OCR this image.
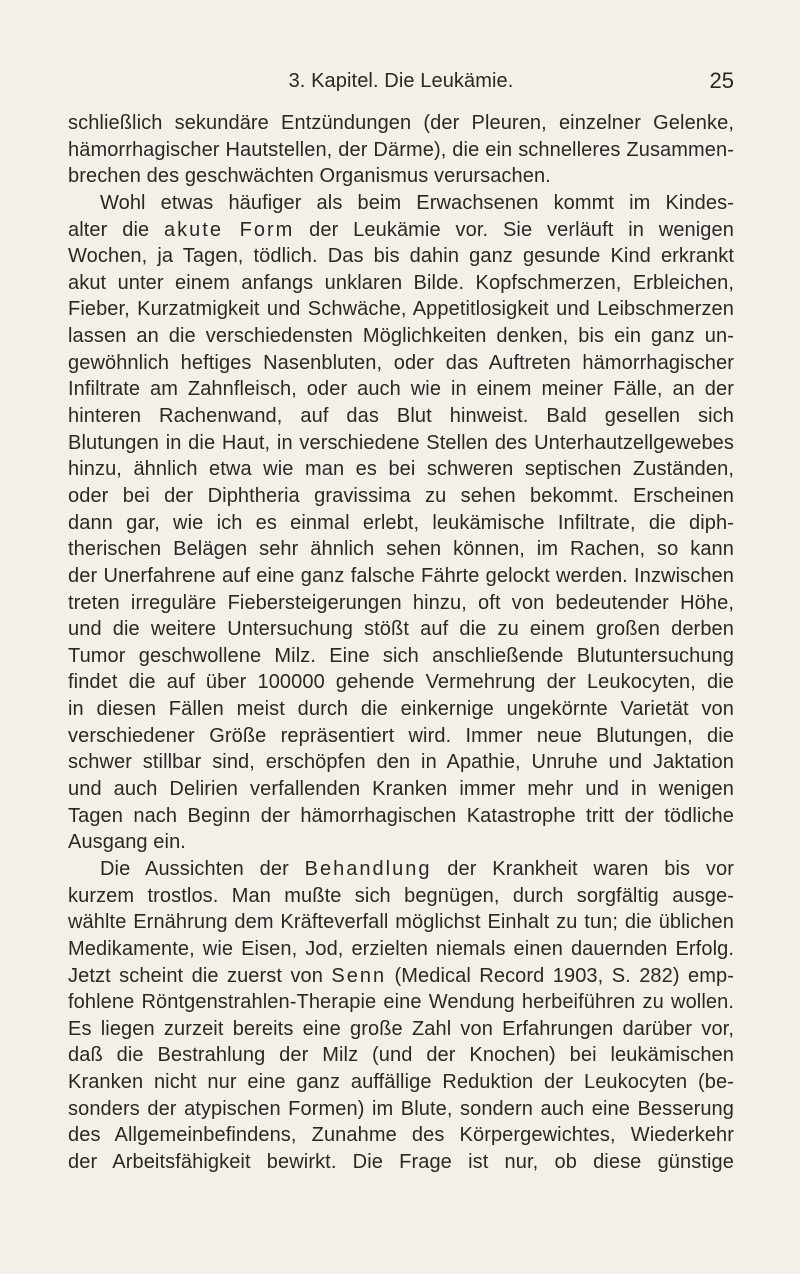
3. Kapitel. Die Leukämie.	25
schließlich sekundäre Entzündungen (der Pleuren, einzelner Gelenke,
hämorrhagischer Hautstellen, der Därme), die ein schnelleres Zusammen-
brechen des geschwächten Organismus verursachen.
Wohl etwas häufiger als beim Erwachsenen kommt im Kindes-
alter die akute Form der Leukämie vor. Sie verläuft in wenigen
Wochen, ja Tagen, tödlich. Das bis dahin ganz gesunde Kind erkrankt
akut unter einem anfangs unklaren Bilde. Kopfschmerzen, Erbleichen,
Fieber, Kurzatmigkeit und Schwäche, Appetitlosigkeit und Leibschmerzen
lassen an die verschiedensten Möglichkeiten denken, bis ein ganz un-
gewöhnlich heftiges Nasenbluten, oder das Auftreten hämorrhagischer
Infiltrate am Zahnfleisch, oder auch wie in einem meiner Fälle, an der
hinteren Rachenwand, auf das Blut hinweist. Bald gesellen sich
Blutungen in die Haut, in verschiedene Stellen des Unterhautzellgewebes
hinzu, ähnlich etwa wie man es bei schweren septischen Zuständen,
oder bei der Diphtheria gravissima zu sehen bekommt. Erscheinen
dann gar, wie ich es einmal erlebt, leukämische Infiltrate, die diph-
therischen Belägen sehr ähnlich sehen können, im Rachen, so kann
der Unerfahrene auf eine ganz falsche Fährte gelockt werden. Inzwischen
treten irreguläre Fiebersteigerungen hinzu, oft von bedeutender Höhe,
und die weitere Untersuchung stößt auf die zu einem großen derben
Tumor geschwollene Milz. Eine sich anschließende Blutuntersuchung
findet die auf über 100000 gehende Vermehrung der Leukocyten, die
in diesen Fällen meist durch die einkernige ungekörnte Varietät von
verschiedener Größe repräsentiert wird. Immer neue Blutungen, die
schwer stillbar sind, erschöpfen den in Apathie, Unruhe und Jaktation
und auch Delirien verfallenden Kranken immer mehr und in wenigen
Tagen nach Beginn der hämorrhagischen Katastrophe tritt der tödliche
Ausgang ein.
Die Aussichten der Behandlung der Krankheit waren bis vor
kurzem trostlos. Man mußte sich begnügen, durch sorgfältig ausge-
wählte Ernährung dem Kräfteverfall möglichst Einhalt zu tun; die üblichen
Medikamente, wie Eisen, Jod, erzielten niemals einen dauernden Erfolg.
Jetzt scheint die zuerst von Senn (Medical Record 1903, S. 282) emp-
fohlene Röntgenstrahlen-Therapie eine Wendung herbeiführen zu wollen.
Es liegen zurzeit bereits eine große Zahl von Erfahrungen darüber vor,
daß die Bestrahlung der Milz (und der Knochen) bei leukämischen
Kranken nicht nur eine ganz auffällige Reduktion der Leukocyten (be-
sonders der atypischen Formen) im Blute, sondern auch eine Besserung
des Allgemeinbefindens, Zunahme des Körpergewichtes, Wiederkehr
der Arbeitsfähigkeit bewirkt. Die Frage ist nur, ob diese günstige
